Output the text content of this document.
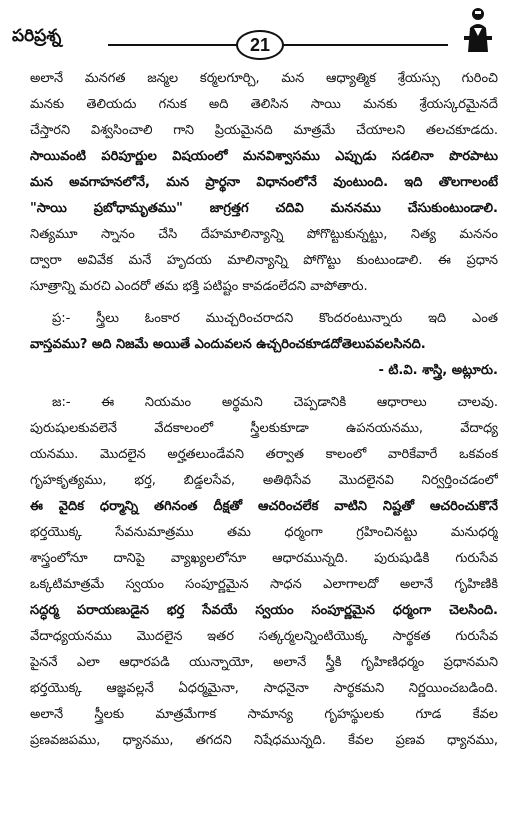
పరిప్రశ్న	21
అలానే మనగత జన్మల కర్మలగూర్చి, మన ఆధ్యాత్మిక శ్రేయస్సు గురించి
మనకు తెలియదు గనుక అది తెలిసిన సాయి మనకు శ్రేయస్కరమైనదే
చేస్తారని విశ్వసించాలి గాని ప్రియమైనది మాత్రమే చేయాలని తలచకూడదు.
సాయివంటి పరిపూర్ణుల విషయంలో మనవిశ్వాసము ఎప్పుడు సడలినా పొరపాటు
మన అవగాహనలోనే, మన ప్రార్థనా విధానంలోనే వుంటుంది. ఇది తొలగాలంటే
"సాయి ప్రబోధామృతము" జాగ్రత్తగ చదివి మననము చేసుకుంటుండాలి.
నిత్యమూ స్నానం చేసి దేహమాలిన్యాన్ని పోగొట్టుకున్నట్టు, నిత్య మననం
ద్వారా అవివేక మనే హృదయ మాలిన్యాన్ని పోగొట్టు కుంటుండాలి. ఈ ప్రధాన
సూత్రాన్ని మరచి ఎందరో తమ భక్తి పటిష్టం కావడంలేదని వాపోతారు.
ప్ర:- స్త్రీలు ఓంకార ముచ్చరించరాదని కొందరంటున్నారు ఇది ఎంత
వాస్తవము? అది నిజమే అయితే ఎందువలన ఉచ్చరించకూడదోతెలుపవలసినది.
- టి.వి. శాస్త్రి, అట్లూరు.
జ:- ఈ నియమం అర్థమని చెప్పడానికి ఆధారాలు చాలవు.
పురుషులకువలెనే వేదకాలంలో స్త్రీలకుకూడా ఉపనయనము, వేదాధ్య
యనము. మొదలైన అర్హతలుండేవని తర్వాత కాలంలో వారికేవారే ఒకవంక
గృహకృత్యము, భర్త, బిడ్డలసేవ, అతిథిసేవ మొదలైనవి నిర్వర్తించడంలో
ఈ వైదిక ధర్మాన్ని తగినంత దీక్షతో ఆచరించలేక వాటిని నిష్టతో ఆచరించుకొనే
భర్తయొక్క సేవనుమాత్రము తమ ధర్మంగా గ్రహించినట్టు మనుధర్మ
శాస్త్రంలోనూ దానిపై వ్యాఖ్యలలోనూ ఆధారమున్నది. పురుషుడికి గురుసేవ
ఒక్కటిమాత్రమే స్వయం సంపూర్ణమైన సాధన ఎలాగాలదో అలానే గృహిణికి
సద్ధర్మ పరాయణుడైన భర్త సేవయే స్వయం సంపూర్ణమైన ధర్మంగా చెలసింది.
వేదాధ్యయనము మొదలైన ఇతర సత్కర్మలన్నింటియొక్క సార్థకత గురుసేవ
పైననే ఎలా ఆధారపడి యున్నాయో, అలానే స్త్రీకి గృహిణిధర్మం ప్రధానమని
భర్తయొక్క ఆజ్ఞవల్లనే ఏధర్మమైనా, సాధనైనా సార్థకమని నిర్ణయించబడింది.
అలానే స్త్రీలకు మాత్రమేగాక సామాన్య గృహస్థులకు గూడ కేవల
ప్రణవజపము, ధ్యానము, తగదని నిషేధమున్నది. కేవల ప్రణవ ధ్యానము,
